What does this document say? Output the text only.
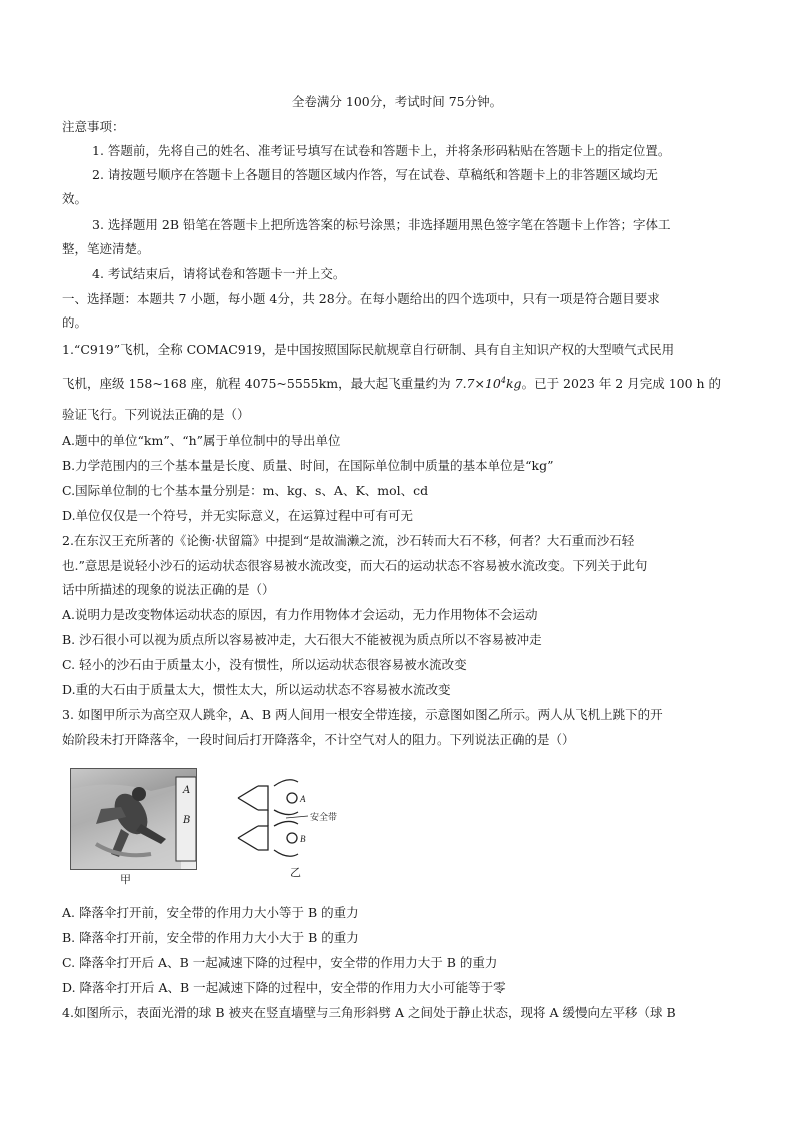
全卷满分 100分，考试时间 75分钟。
注意事项：
1. 答题前，先将自己的姓名、准考证号填写在试卷和答题卡上，并将条形码粘贴在答题卡上的指定位置。
2. 请按题号顺序在答题卡上各题目的答题区域内作答，写在试卷、草稿纸和答题卡上的非答题区域均无
效。
3. 选择题用 2B 铅笔在答题卡上把所选答案的标号涂黑；非选择题用黑色签字笔在答题卡上作答；字体工
整，笔迹清楚。
4. 考试结束后，请将试卷和答题卡一并上交。
一、选择题：本题共 7 小题，每小题 4分，共 28分。在每小题给出的四个选项中，只有一项是符合题目要求
的。
1.“C919”飞机，全称 COMAC919，是中国按照国际民航规章自行研制、具有自主知识产权的大型喷气式民用
飞机，座级 158~168 座，航程 4075~5555km，最大起飞重量约为 $7.7\times 10^4kg$。已于 2023 年 2 月完成 100 h 的
验证飞行。下列说法正确的是（）
A.题中的单位“km”、“h”属于单位制中的导出单位
B.力学范围内的三个基本量是长度、质量、时间，在国际单位制中质量的基本单位是“kg”
C.国际单位制的七个基本量分别是：m、kg、s、A、K、mol、cd
D.单位仅仅是一个符号，并无实际意义，在运算过程中可有可无
2.在东汉王充所著的《论衡·状留篇》中提到“是故湍濑之流，沙石转而大石不移，何者？大石重而沙石轻
也.”意思是说轻小沙石的运动状态很容易被水流改变，而大石的运动状态不容易被水流改变。下列关于此句
话中所描述的现象的说法正确的是（）
A.说明力是改变物体运动状态的原因，有力作用物体才会运动，无力作用物体不会运动
B. 沙石很小可以视为质点所以容易被冲走，大石很大不能被视为质点所以不容易被冲走
C. 轻小的沙石由于质量太小，没有惯性，所以运动状态很容易被水流改变
D.重的大石由于质量太大，惯性太大，所以运动状态不容易被水流改变
3. 如图甲所示为高空双人跳伞，A、B 两人间用一根安全带连接，示意图如图乙所示。两人从飞机上跳下的开
始阶段未打开降落伞，一段时间后打开降落伞，不计空气对人的阻力。下列说法正确的是（）
A
B
甲
A
B
安全带
乙
A. 降落伞打开前，安全带的作用力大小等于 B 的重力
B. 降落伞打开前，安全带的作用力大小大于 B 的重力
C. 降落伞打开后 A、B 一起减速下降的过程中，安全带的作用力大于 B 的重力
D. 降落伞打开后 A、B 一起减速下降的过程中，安全带的作用力大小可能等于零
4.如图所示，表面光滑的球 B 被夹在竖直墙壁与三角形斜劈 A 之间处于静止状态，现将 A 缓慢向左平移（球 B
